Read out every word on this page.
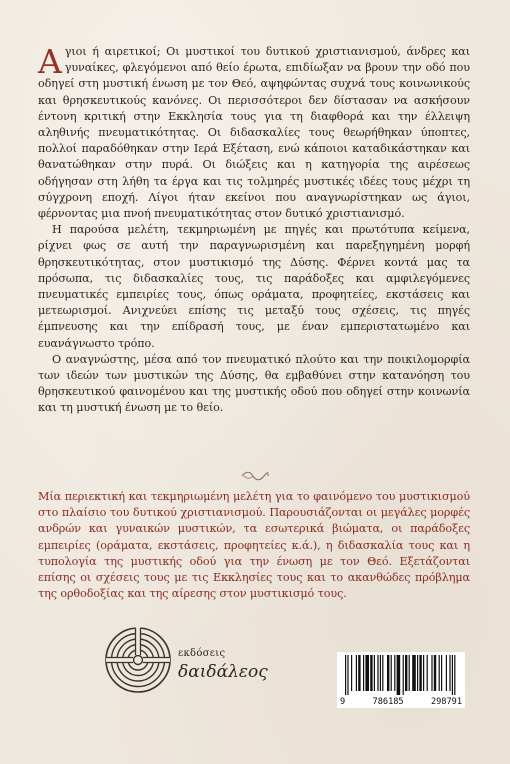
Αγιοι ή αιρετικοί; Οι μυστικοί του δυτικού χριστιανισμού, άνδρες και γυναίκες, φλεγόμενοι από θείο έρωτα, επιδίωξαν να βρουν την οδό που οδηγεί στη μυστική ένωση με τον Θεό, αψηφώντας συχνά τους κοινωνικούς και θρησκευτικούς κανόνες. Οι περισσότεροι δεν δίστασαν να ασκήσουν έντονη κριτική στην Εκκλησία τους για τη διαφθορά και την έλλειψη αληθινής πνευματικότητας. Οι διδασκαλίες τους θεωρήθηκαν ύποπτες, πολλοί παραδόθηκαν στην Ιερά Εξέταση, ενώ κάποιοι καταδικάστηκαν και θανατώθηκαν στην πυρά. Οι διώξεις και η κατηγορία της αιρέσεως οδήγησαν στη λήθη τα έργα και τις τολμηρές μυστικές ιδέες τους μέχρι τη σύγχρονη εποχή. Λίγοι ήταν εκείνοι που αναγνωρίστηκαν ως άγιοι, φέρνοντας μια πνοή πνευματικότητας στον δυτικό χριστιανισμό.

Η παρούσα μελέτη, τεκμηριωμένη με πηγές και πρωτότυπα κείμενα, ρίχνει φως σε αυτή την παραγνωρισμένη και παρεξηγημένη μορφή θρησκευτικότητας, στον μυστικισμό της Δύσης. Φέρνει κοντά μας τα πρόσωπα, τις διδασκαλίες τους, τις παράδοξες και αμφιλεγόμενες πνευματικές εμπειρίες τους, όπως οράματα, προφητείες, εκστάσεις και μετεωρισμοί. Ανιχνεύει επίσης τις μεταξύ τους σχέσεις, τις πηγές έμπνευσης και την επίδρασή τους, με έναν εμπεριστατωμένο και ευανάγνωστο τρόπο.

Ο αναγνώστης, μέσα από τον πνευματικό πλούτο και την ποικιλομορφία των ιδεών των μυστικών της Δύσης, θα εμβαθύνει στην κατανόηση του θρησκευτικού φαινομένου και της μυστικής οδού που οδηγεί στην κοινωνία και τη μυστική ένωση με το θείο.

Μία περιεκτική και τεκμηριωμένη μελέτη για το φαινόμενο του μυστικισμού στο πλαίσιο του δυτικού χριστιανισμού. Παρουσιάζονται οι μεγάλες μορφές ανδρών και γυναικών μυστικών, τα εσωτερικά βιώματα, οι παράδοξες εμπειρίες (οράματα, εκστάσεις, προφητείες κ.ά.), η διδασκαλία τους και η τυπολογία της μυστικής οδού για την ένωση με τον Θεό. Εξετάζονται επίσης οι σχέσεις τους με τις Εκκλησίες τους και το ακανθώδες πρόβλημα της ορθοδοξίας και της αίρεσης στον μυστικισμό τους.
εκδόσεις
δαιδάλεος
9	786185	298791
